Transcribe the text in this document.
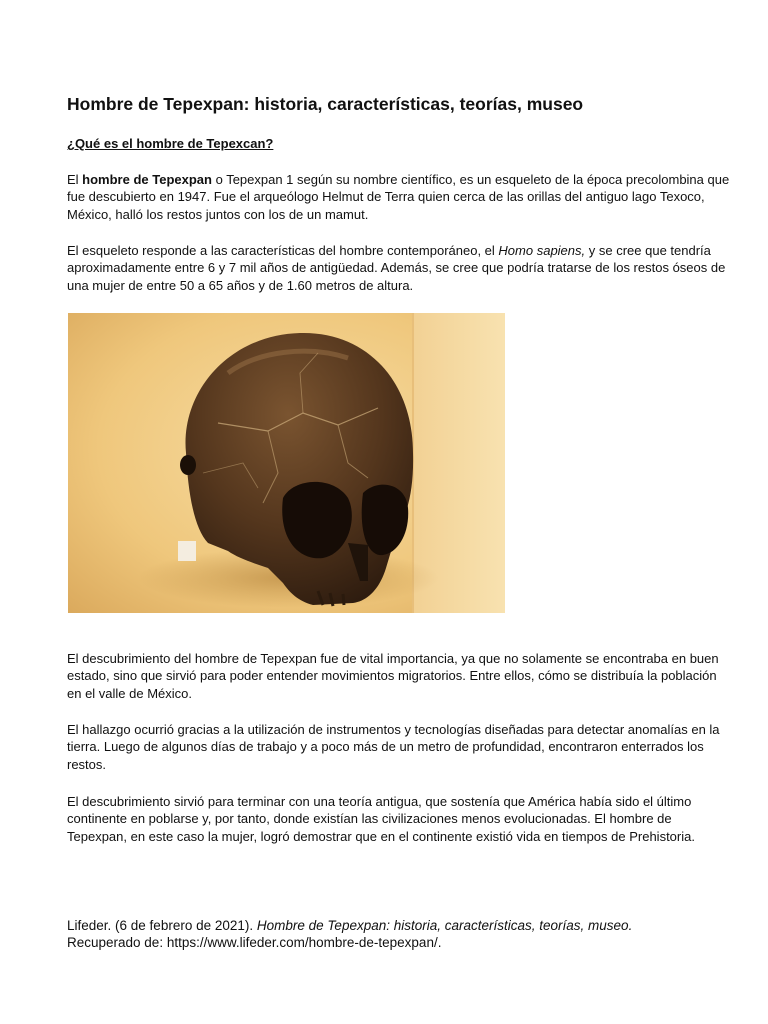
Hombre de Tepexpan: historia, características, teorías, museo
¿Qué es el hombre de Tepexcan?
El hombre de Tepexpan o Tepexpan 1 según su nombre científico, es un esqueleto de la época precolombina que
fue descubierto en 1947. Fue el arqueólogo Helmut de Terra quien cerca de las orillas del antiguo lago Texoco,
México, halló los restos juntos con los de un mamut.
El esqueleto responde a las características del hombre contemporáneo, el Homo sapiens, y se cree que tendría
aproximadamente entre 6 y 7 mil años de antigüedad. Además, se cree que podría tratarse de los restos óseos de
una mujer de entre 50 a 65 años y de 1.60 metros de altura.
El descubrimiento del hombre de Tepexpan fue de vital importancia, ya que no solamente se encontraba en buen
estado, sino que sirvió para poder entender movimientos migratorios. Entre ellos, cómo se distribuía la población
en el valle de México.
El hallazgo ocurrió gracias a la utilización de instrumentos y tecnologías diseñadas para detectar anomalías en la
tierra. Luego de algunos días de trabajo y a poco más de un metro de profundidad, encontraron enterrados los
restos.
El descubrimiento sirvió para terminar con una teoría antigua, que sostenía que América había sido el último
continente en poblarse y, por tanto, donde existían las civilizaciones menos evolucionadas. El hombre de
Tepexpan, en este caso la mujer, logró demostrar que en el continente existió vida en tiempos de Prehistoria.
Lifeder. (6 de febrero de 2021). Hombre de Tepexpan: historia, características, teorías, museo.
Recuperado de: https://www.lifeder.com/hombre-de-tepexpan/.
